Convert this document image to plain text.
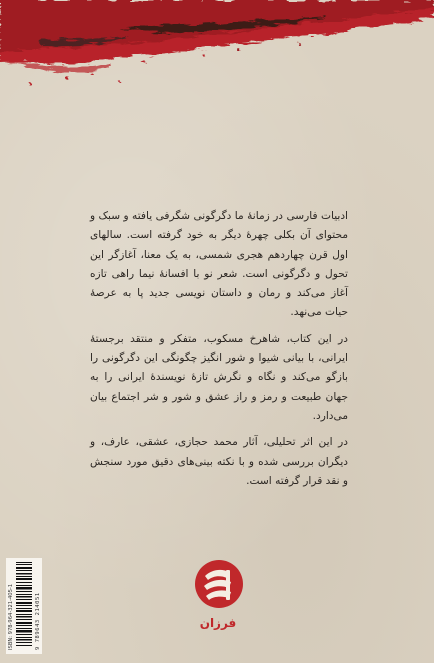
ادبیات فارسی در زمانهٔ ما دگرگونی شگرفی یافته و سبک و محتوای آن بکلی چهرهٔ دیگر به خود گرفته است. سالهای اول قرن چهاردهم هجری شمسی، به یک معنا، آغازگر این تحول و دگرگونی است. شعر نو با افسانهٔ نیما راهی تازه آغاز می‌کند و رمان و داستان نویسی جدید پا به عرصهٔ حیات می‌نهد.

در این کتاب، شاهرخ مسکوب، متفکر و منتقد برجستهٔ ایرانی، با بیانی شیوا و شور انگیز چگونگی این دگرگونی را بازگو می‌کند و نگاه و نگرش تازهٔ نویسندهٔ ایرانی را به جهان طبیعت و رمز و راز عشق و شور و شر اجتماع بیان می‌دارد.

در این اثر تحلیلی، آثار محمد حجازی، عشقی، عارف، و دیگران بررسی شده و با نکته بینی‌های دقیق مورد سنجش و نقد قرار گرفته است.

ISBN: 978-964-321-405-1	9 789643 214051	فرزان
